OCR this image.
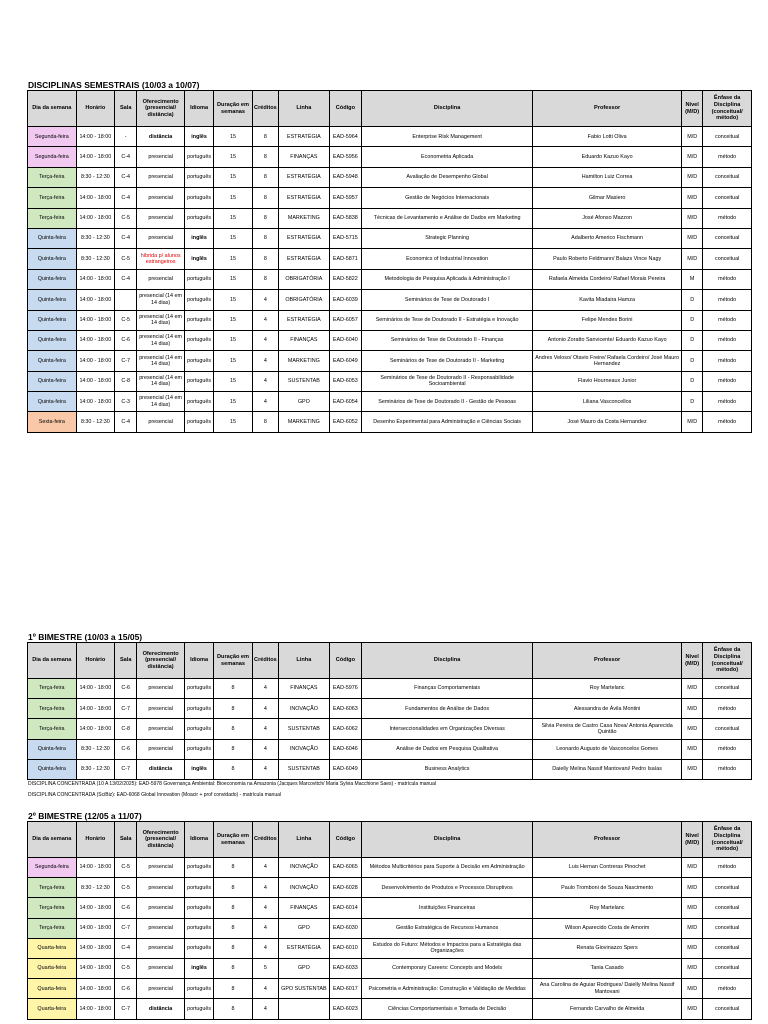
DISCIPLINAS SEMESTRAIS (10/03 a 10/07)
Dia da semana	Horário	Sala	Oferecimento (presencial/ distância)	Idioma	Duração em semanas	Créditos	Linha	Código	Disciplina	Professor	Nível (M/D)	Ênfase da Disciplina (conceitual/ método)
Segunda-feira	14:00 - 18:00	-	distância	inglês	15	8	ESTRATÉGIA	EAD-5964	Enterprise Risk Management	Fabio Lotti Oliva	M/D	conceitual
Segunda-feira	14:00 - 18:00	C-4	presencial	português	15	8	FINANÇAS	EAD-5956	Econometria Aplicada	Eduardo Kazuo Kayo	M/D	método
Terça-feira	8:30 - 12:30	C-4	presencial	português	15	8	ESTRATÉGIA	EAD-5948	Avaliação de Desempenho Global	Hamilton Luiz Correa	M/D	conceitual
Terça-feira	14:00 - 18:00	C-4	presencial	português	15	8	ESTRATÉGIA	EAD-5957	Gestão de Negócios Internacionais	Gilmar Masiero	M/D	conceitual
Terça-feira	14:00 - 18:00	C-5	presencial	português	15	8	MARKETING	EAD-5838	Técnicas de Levantamento e Análise de Dados em Marketing	José Afonso Mazzon	M/D	método
Quinta-feira	8:30 - 12:30	C-4	presencial	inglês	15	8	ESTRATÉGIA	EAD-5715	Strategic Planning	Adalberto Americo Fischmann	M/D	conceitual
Quinta-feira	8:30 - 12:30	C-5	híbrida p/ alunos estrangeiros	inglês	15	8	ESTRATÉGIA	EAD-5871	Economics of Industrial Innovation	Paulo Roberto Feldmann/ Balazs Vince Nagy	M/D	conceitual
Quinta-feira	14:00 - 18:00	C-4	presencial	português	15	8	OBRIGATÓRIA	EAD-5822	Metodologia de Pesquisa Aplicada à Administração I	Rafaela Almeida Cordeiro/ Rafael Morais Pereira	M	método
Quinta-feira	14:00 - 18:00		presencial (14 em 14 dias)	português	15	4	OBRIGATÓRIA	EAD-6039	Seminários de Tese de Doutorado I	Kavita Miadaira Hamza	D	método
Quinta-feira	14:00 - 18:00	C-5	presencial (14 em 14 dias)	português	15	4	ESTRATÉGIA	EAD-6057	Seminários de Tese de Doutorado II - Estratégia e Inovação	Felipe Mendes Borini	D	método
Quinta-feira	14:00 - 18:00	C-6	presencial (14 em 14 dias)	português	15	4	FINANÇAS	EAD-6040	Seminários de Tese de Doutorado II - Finanças	Antonio Zoratto Sanvicente/ Eduardo Kazuo Kayo	D	método
Quinta-feira	14:00 - 18:00	C-7	presencial (14 em 14 dias)	português	15	4	MARKETING	EAD-6049	Seminários de Tese de Doutorado II - Marketing	Andres Veloso/ Otavio Freire/ Rafaela Cordeiro/ José Mauro Hernandez	D	método
Quinta-feira	14:00 - 18:00	C-8	presencial (14 em 14 dias)	português	15	4	SUSTENTAB	EAD-6053	Seminários de Tese de Doutorado II - Responsabilidade Socioambiental	Flavio Hourneaux Junior	D	método
Quinta-feira	14:00 - 18:00	C-3	presencial (14 em 14 dias)	português	15	4	GPO	EAD-6054	Seminários de Tese de Doutorado II - Gestão de Pessoas	Liliana Vasconcellos	D	método
Sexta-feira	8:30 - 12:30	C-4	presencial	português	15	8	MARKETING	EAD-6052	Desenho Experimental para Administração e Ciências Sociais	José Mauro da Costa Hernandez	M/D	método
1º BIMESTRE (10/03 a 15/05)
Dia da semana	Horário	Sala	Oferecimento (presencial/ distância)	Idioma	Duração em semanas	Créditos	Linha	Código	Disciplina	Professor	Nível (M/D)	Ênfase da Disciplina (conceitual/ método)
Terça-feira	14:00 - 18:00	C-6	presencial	português	8	4	FINANÇAS	EAD-5976	Finanças Comportamentais	Roy Martelanc	M/D	conceitual
Terça-feira	14:00 - 18:00	C-7	presencial	português	8	4	INOVAÇÃO	EAD-6063	Fundamentos de Análise de Dados	Alessandra de Ávila Montini	M/D	método
Terça-feira	14:00 - 18:00	C-8	presencial	português	8	4	SUSTENTAB	EAD-6062	Interseccionalidades em Organizações Diversas	Silvia Pereira de Castro Casa Nova/ Antonia Aparecida Quintão	M/D	conceitual
Quinta-feira	8:30 - 12:30	C-6	presencial	português	8	4	INOVAÇÃO	EAD-6046	Análise de Dados em Pesquisa Qualitativa	Leonardo Augusto de Vasconcelos Gomes	M/D	método
Quinta-feira	8:30 - 12:30	C-7	distância	inglês	8	4	SUSTENTAB	EAD-6049	Business Analytics	Daielly Melina Nassif Mantovani/ Pedro Isaías	M/D	método
DISCIPLINA CONCENTRADA (10 A 13/02/2025): EAD-5978 Governança Ambiental: Bioeconomia na Amazonia (Jacques Marcovitch/ Maria Sylvia Macchione Saes) - matrícula manual
DISCIPLINA CONCENTRADA (SciBiz): EAD-6068 Global Innovation (Moacir + prof convidado) - matrícula manual
2º BIMESTRE (12/05 a 11/07)
Dia da semana	Horário	Sala	Oferecimento (presencial/ distância)	Idioma	Duração em semanas	Créditos	Linha	Código	Disciplina	Professor	Nível (M/D)	Ênfase da Disciplina (conceitual/ método)
Segunda-feira	14:00 - 18:00	C-5	presencial	português	8	4	INOVAÇÃO	EAD-6065	Métodos Multicritérios para Suporte à Decisão em Administração	Luis Hernan Contreras Pinochet	M/D	método
Terça-feira	8:30 - 12:30	C-5	presencial	português	8	4	INOVAÇÃO	EAD-6028	Desenvolvimento de Produtos e Processos Disruptivos	Paulo Tromboni de Souza Nascimento	M/D	conceitual
Terça-feira	14:00 - 18:00	C-6	presencial	português	8	4	FINANÇAS	EAD-6014	Instituições Financeiras	Roy Martelanc	M/D	conceitual
Terça-feira	14:00 - 18:00	C-7	presencial	português	8	4	GPO	EAD-6030	Gestão Estratégica de Recursos Humanos	Wilson Aparecido Costa de Amorim	M/D	conceitual
Quarta-feira	14:00 - 18:00	C-4	presencial	português	8	4	ESTRATÉGIA	EAD-6010	Estudos do Futuro: Métodos e Impactos para a Estratégia das Organizações	Renata Giovinazzo Spers	M/D	conceitual
Quarta-feira	14:00 - 18:00	C-5	presencial	inglês	8	5	GPO	EAD-6033	Contemporary Careers: Concepts and Models	Tania Casado	M/D	conceitual
Quarta-feira	14:00 - 18:00	C-6	presencial	português	8	4	GPO SUSTENTAB	EAD-6017	Psicometria e Administração: Construção e Validação de Medidas	Ana Carolina de Aguiar Rodrigues/ Daielly Melina Nassif Mantovani	M/D	método
Quarta-feira	14:00 - 18:00	C-7	distância	português	8	4		EAD-6023	Ciências Comportamentais e Tomada de Decisão	Fernando Carvalho de Almeida	M/D	conceitual
